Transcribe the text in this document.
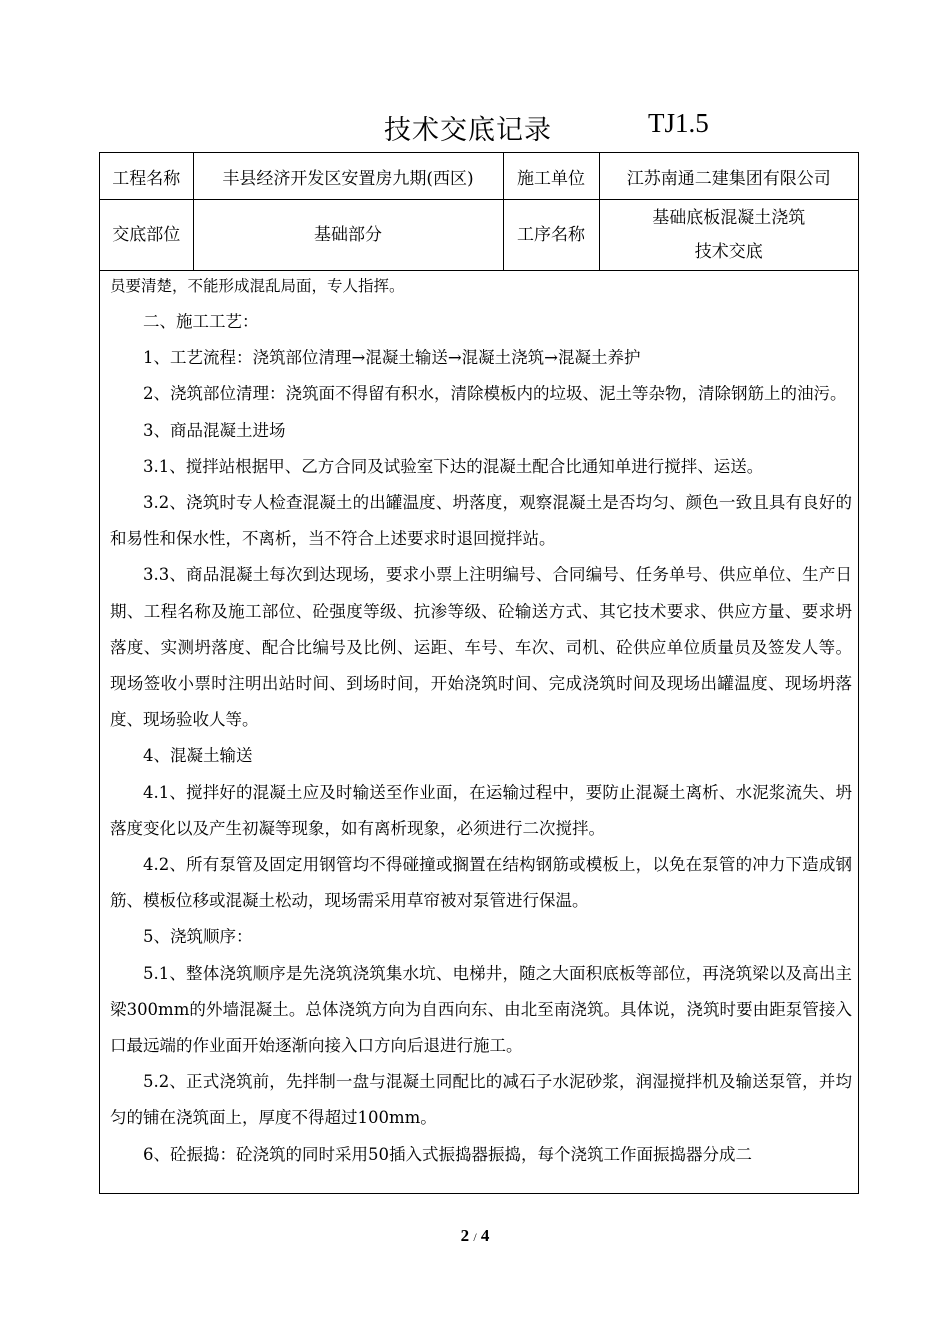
技术交底记录	TJ1.5
工程名称	丰县经济开发区安置房九期(西区)	施工单位	江苏南通二建集团有限公司
交底部位	基础部分	工序名称	基础底板混凝土浇筑
技术交底

员要清楚，不能形成混乱局面，专人指挥。

二、施工工艺：

1、工艺流程：浇筑部位清理→混凝土输送→混凝土浇筑→混凝土养护

2、浇筑部位清理：浇筑面不得留有积水，清除模板内的垃圾、泥土等杂物，清除钢筋上的油污。

3、商品混凝土进场

3.1、搅拌站根据甲、乙方合同及试验室下达的混凝土配合比通知单进行搅拌、运送。

3.2、浇筑时专人检查混凝土的出罐温度、坍落度，观察混凝土是否均匀、颜色一致且具有良好的和易性和保水性，不离析，当不符合上述要求时退回搅拌站。

3.3、商品混凝土每次到达现场，要求小票上注明编号、合同编号、任务单号、供应单位、生产日期、工程名称及施工部位、砼强度等级、抗渗等级、砼输送方式、其它技术要求、供应方量、要求坍落度、实测坍落度、配合比编号及比例、运距、车号、车次、司机、砼供应单位质量员及签发人等。现场签收小票时注明出站时间、到场时间，开始浇筑时间、完成浇筑时间及现场出罐温度、现场坍落度、现场验收人等。

4、混凝土输送

4.1、搅拌好的混凝土应及时输送至作业面，在运输过程中，要防止混凝土离析、水泥浆流失、坍落度变化以及产生初凝等现象，如有离析现象，必须进行二次搅拌。

4.2、所有泵管及固定用钢管均不得碰撞或搁置在结构钢筋或模板上，以免在泵管的冲力下造成钢筋、模板位移或混凝土松动，现场需采用草帘被对泵管进行保温。

5、浇筑顺序：

5.1、整体浇筑顺序是先浇筑浇筑集水坑、电梯井，随之大面积底板等部位，再浇筑梁以及高出主梁300mm的外墙混凝土。总体浇筑方向为自西向东、由北至南浇筑。具体说，浇筑时要由距泵管接入口最远端的作业面开始逐渐向接入口方向后退进行施工。

5.2、正式浇筑前，先拌制一盘与混凝土同配比的减石子水泥砂浆，润湿搅拌机及输送泵管，并均匀的铺在浇筑面上，厚度不得超过100mm。

6、砼振捣：砼浇筑的同时采用50插入式振捣器振捣，每个浇筑工作面振捣器分成二

2 / 4
